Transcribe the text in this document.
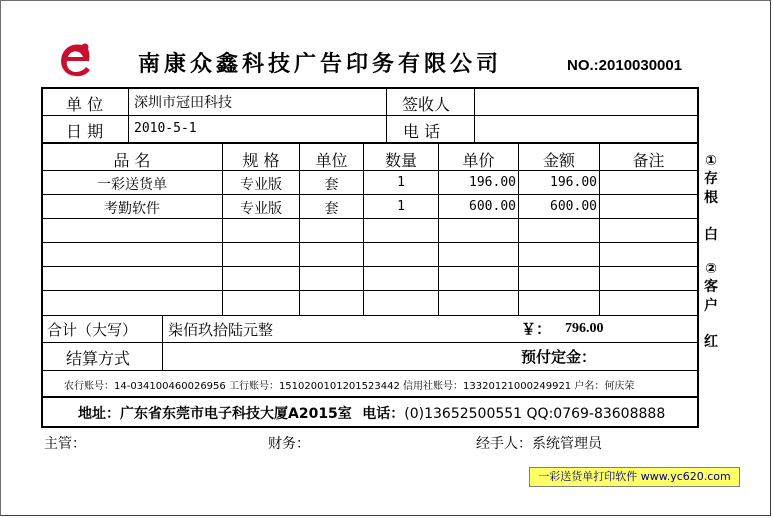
南康众鑫科技广告印务有限公司	NO.:2010030001
单 位 深圳市冠田科技	签收人
日 期 2010-5-1	电 话
品 名	规 格	单位	数量	单价	金额	备注
一彩送货单	专业版	套	1	196.00	196.00
考勤软件	专业版	套	1	600.00	600.00
合计（大写） 柒佰玖拾陆元整	￥： 796.00
结算方式	预付定金：
农行账号：14-034100460026956 工行账号：1510200101201523442 信用社账号：13320121000249921 户名：何庆荣
地址：广东省东莞市电子科技大厦A2015室 电话：(0)13652500551 QQ:0769-83608888
①
存根
白
②
客户
红
主管：	财务：	经手人：系统管理员
一彩送货单打印软件 www.yc620.com
